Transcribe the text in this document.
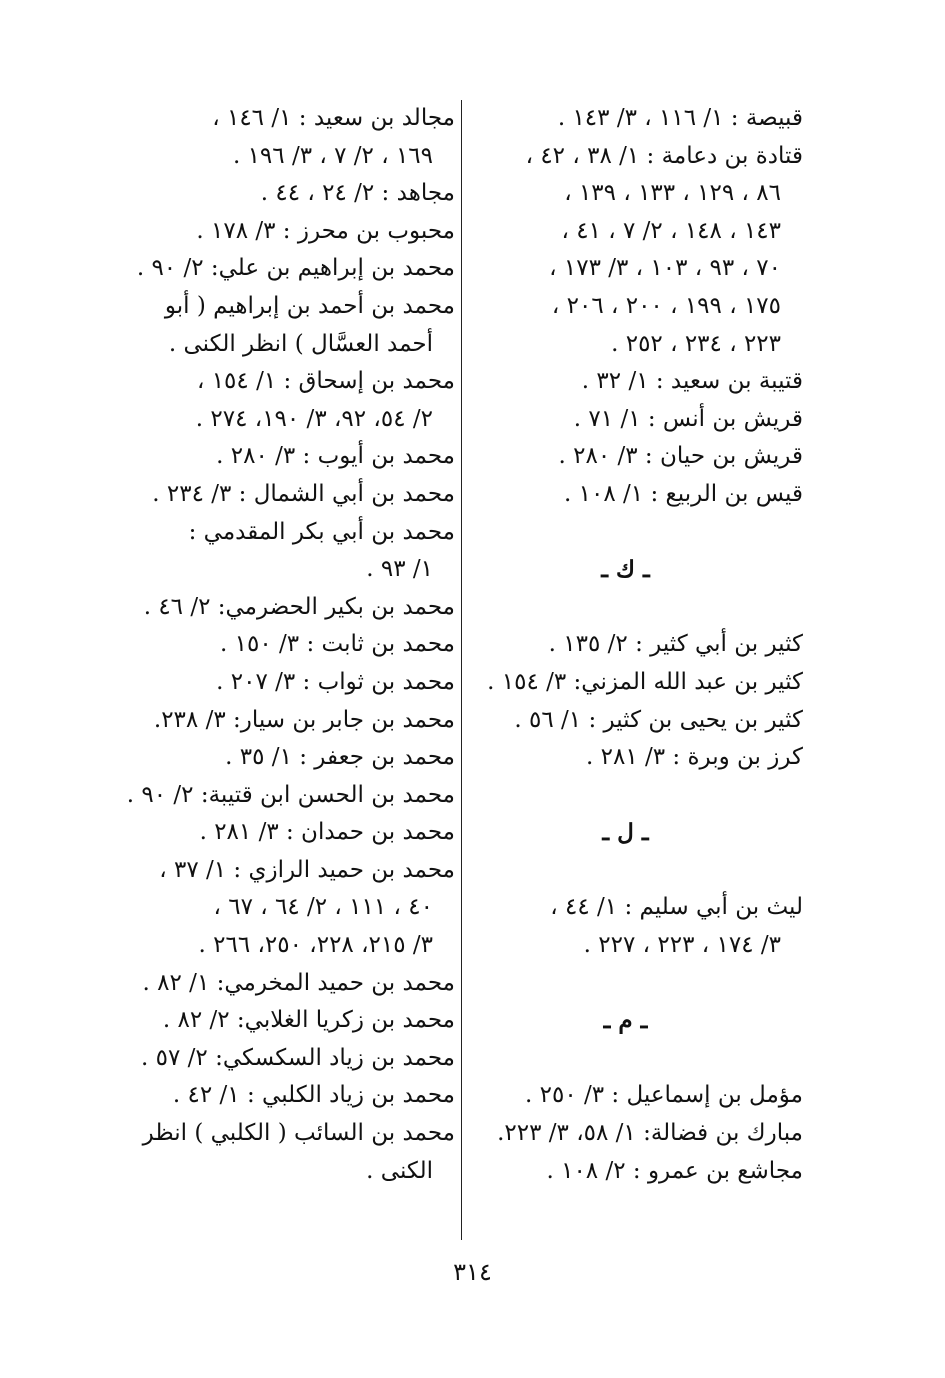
قبيصة : ١/ ١١٦ ، ٣/ ١٤٣ .
قتادة بن دعامة : ١/ ٣٨ ، ٤٢ ،
٨٦ ، ١٢٩ ، ١٣٣ ، ١٣٩ ،
١٤٣ ، ١٤٨ ، ٢/ ٧ ، ٤١ ،
٧٠ ، ٩٣ ، ١٠٣ ، ٣/ ١٧٣ ،
١٧٥ ، ١٩٩ ، ٢٠٠ ، ٢٠٦ ،
٢٢٣ ، ٢٣٤ ، ٢٥٢ .
قتيبة بن سعيد : ١/ ٣٢ .
قريش بن أنس : ١/ ٧١ .
قريش بن حيان : ٣/ ٢٨٠ .
قيس بن الربيع : ١/ ١٠٨ .
ـ ك ـ
كثير بن أبي كثير : ٢/ ١٣٥ .
كثير بن عبد الله المزني: ٣/ ١٥٤ .
كثير بن يحيى بن كثير : ١/ ٥٦ .
كرز بن وبرة : ٣/ ٢٨١ .
ـ ل ـ
ليث بن أبي سليم : ١/ ٤٤ ،
٣/ ١٧٤ ، ٢٢٣ ، ٢٢٧ .
ـ م ـ
مؤمل بن إسماعيل : ٣/ ٢٥٠ .
مبارك بن فضالة: ١/ ٥٨، ٣/ ٢٢٣.
مجاشع بن عمرو : ٢/ ١٠٨ .
مجالد بن سعيد : ١/ ١٤٦ ،
١٦٩ ، ٢/ ٧ ، ٣/ ١٩٦ .
مجاهد : ٢/ ٢٤ ، ٤٤ .
محبوب بن محرز : ٣/ ١٧٨ .
محمد بن إبراهيم بن علي: ٢/ ٩٠ .
محمد بن أحمد بن إبراهيم ( أبو
أحمد العسَّال ) انظر الكنى .
محمد بن إسحاق : ١/ ١٥٤ ،
٢/ ٥٤، ٩٢، ٣/ ١٩٠، ٢٧٤ .
محمد بن أيوب : ٣/ ٢٨٠ .
محمد بن أبي الشمال : ٣/ ٢٣٤ .
محمد بن أبي بكر المقدمي :
١/ ٩٣ .
محمد بن بكير الحضرمي: ٢/ ٤٦ .
محمد بن ثابت : ٣/ ١٥٠ .
محمد بن ثواب : ٣/ ٢٠٧ .
محمد بن جابر بن سيار: ٣/ ٢٣٨.
محمد بن جعفر : ١/ ٣٥ .
محمد بن الحسن ابن قتيبة: ٢/ ٩٠ .
محمد بن حمدان : ٣/ ٢٨١ .
محمد بن حميد الرازي : ١/ ٣٧ ،
٤٠ ، ١١١ ، ٢/ ٦٤ ، ٦٧ ،
٣/ ٢١٥، ٢٢٨، ٢٥٠، ٢٦٦ .
محمد بن حميد المخرمي: ١/ ٨٢ .
محمد بن زكريا الغلابي: ٢/ ٨٢ .
محمد بن زياد السكسكي: ٢/ ٥٧ .
محمد بن زياد الكلبي : ١/ ٤٢ .
محمد بن السائب ( الكلبي ) انظر
الكنى .
٣١٤
